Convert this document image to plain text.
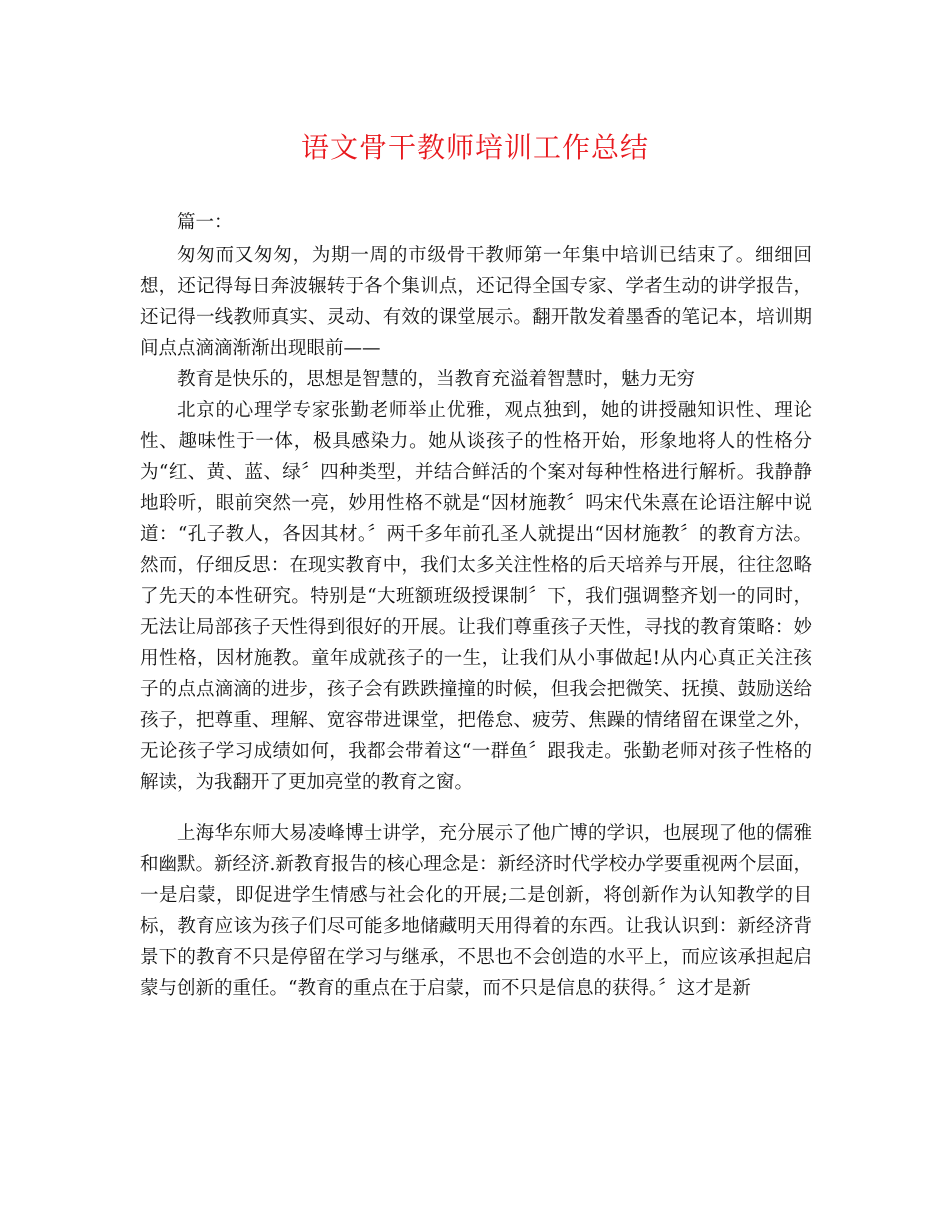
语文骨干教师培训工作总结

篇一：

匆匆而又匆匆，为期一周的市级骨干教师第一年集中培训已结束了。细细回想，还记得每日奔波辗转于各个集训点，还记得全国专家、学者生动的讲学报告，还记得一线教师真实、灵动、有效的课堂展示。翻开散发着墨香的笔记本，培训期间点点滴滴渐渐出现眼前——

教育是快乐的，思想是智慧的，当教育充溢着智慧时，魅力无穷

北京的心理学专家张勤老师举止优雅，观点独到，她的讲授融知识性、理论性、趣味性于一体，极具感染力。她从谈孩子的性格开始，形象地将人的性格分为“红、黄、蓝、绿〞四种类型，并结合鲜活的个案对每种性格进行解析。我静静地聆听，眼前突然一亮，妙用性格不就是“因材施教〞吗宋代朱熹在论语注解中说道：“孔子教人，各因其材。〞两千多年前孔圣人就提出“因材施教〞的教育方法。然而，仔细反思：在现实教育中，我们太多关注性格的后天培养与开展，往往忽略了先天的本性研究。特别是“大班额班级授课制〞下，我们强调整齐划一的同时，无法让局部孩子天性得到很好的开展。让我们尊重孩子天性，寻找的教育策略：妙用性格，因材施教。童年成就孩子的一生，让我们从小事做起!从内心真正关注孩子的点点滴滴的进步，孩子会有跌跌撞撞的时候，但我会把微笑、抚摸、鼓励送给孩子，把尊重、理解、宽容带进课堂，把倦怠、疲劳、焦躁的情绪留在课堂之外，无论孩子学习成绩如何，我都会带着这“一群鱼〞跟我走。张勤老师对孩子性格的解读，为我翻开了更加亮堂的教育之窗。

上海华东师大易凌峰博士讲学，充分展示了他广博的学识，也展现了他的儒雅和幽默。新经济.新教育报告的核心理念是：新经济时代学校办学要重视两个层面，一是启蒙，即促进学生情感与社会化的开展;二是创新，将创新作为认知教学的目标，教育应该为孩子们尽可能多地储藏明天用得着的东西。让我认识到：新经济背景下的教育不只是停留在学习与继承，不思也不会创造的水平上，而应该承担起启蒙与创新的重任。“教育的重点在于启蒙，而不只是信息的获得。〞这才是新
